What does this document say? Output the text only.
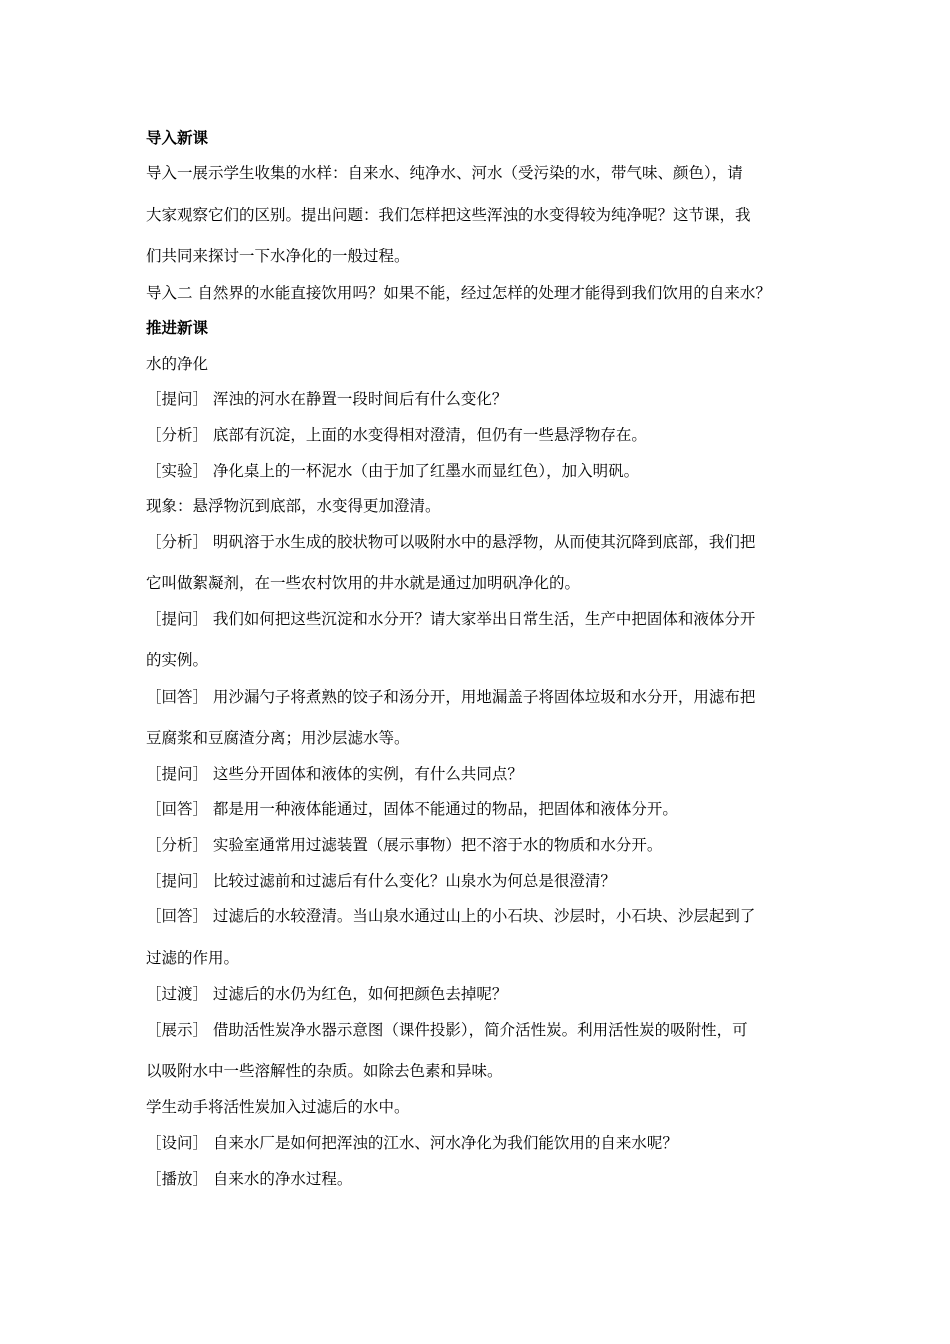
导入新课
导入一展示学生收集的水样：自来水、纯净水、河水（受污染的水，带气味、颜色），请
大家观察它们的区别。提出问题：我们怎样把这些浑浊的水变得较为纯净呢？这节课，我
们共同来探讨一下水净化的一般过程。
导入二 自然界的水能直接饮用吗？如果不能，经过怎样的处理才能得到我们饮用的自来水？
推进新课
水的净化
［提问］ 浑浊的河水在静置一段时间后有什么变化？
［分析］ 底部有沉淀，上面的水变得相对澄清，但仍有一些悬浮物存在。
［实验］ 净化桌上的一杯泥水（由于加了红墨水而显红色），加入明矾。
现象：悬浮物沉到底部，水变得更加澄清。
［分析］ 明矾溶于水生成的胶状物可以吸附水中的悬浮物，从而使其沉降到底部，我们把
它叫做絮凝剂，在一些农村饮用的井水就是通过加明矾净化的。
［提问］ 我们如何把这些沉淀和水分开？请大家举出日常生活，生产中把固体和液体分开
的实例。
［回答］ 用沙漏勺子将煮熟的饺子和汤分开，用地漏盖子将固体垃圾和水分开，用滤布把
豆腐浆和豆腐渣分离；用沙层滤水等。
［提问］ 这些分开固体和液体的实例，有什么共同点？
［回答］ 都是用一种液体能通过，固体不能通过的物品，把固体和液体分开。
［分析］ 实验室通常用过滤装置（展示事物）把不溶于水的物质和水分开。
［提问］ 比较过滤前和过滤后有什么变化？山泉水为何总是很澄清？
［回答］ 过滤后的水较澄清。当山泉水通过山上的小石块、沙层时，小石块、沙层起到了
过滤的作用。
［过渡］ 过滤后的水仍为红色，如何把颜色去掉呢？
［展示］ 借助活性炭净水器示意图（课件投影），简介活性炭。利用活性炭的吸附性，可
以吸附水中一些溶解性的杂质。如除去色素和异味。
学生动手将活性炭加入过滤后的水中。
［设问］ 自来水厂是如何把浑浊的江水、河水净化为我们能饮用的自来水呢？
［播放］ 自来水的净水过程。
